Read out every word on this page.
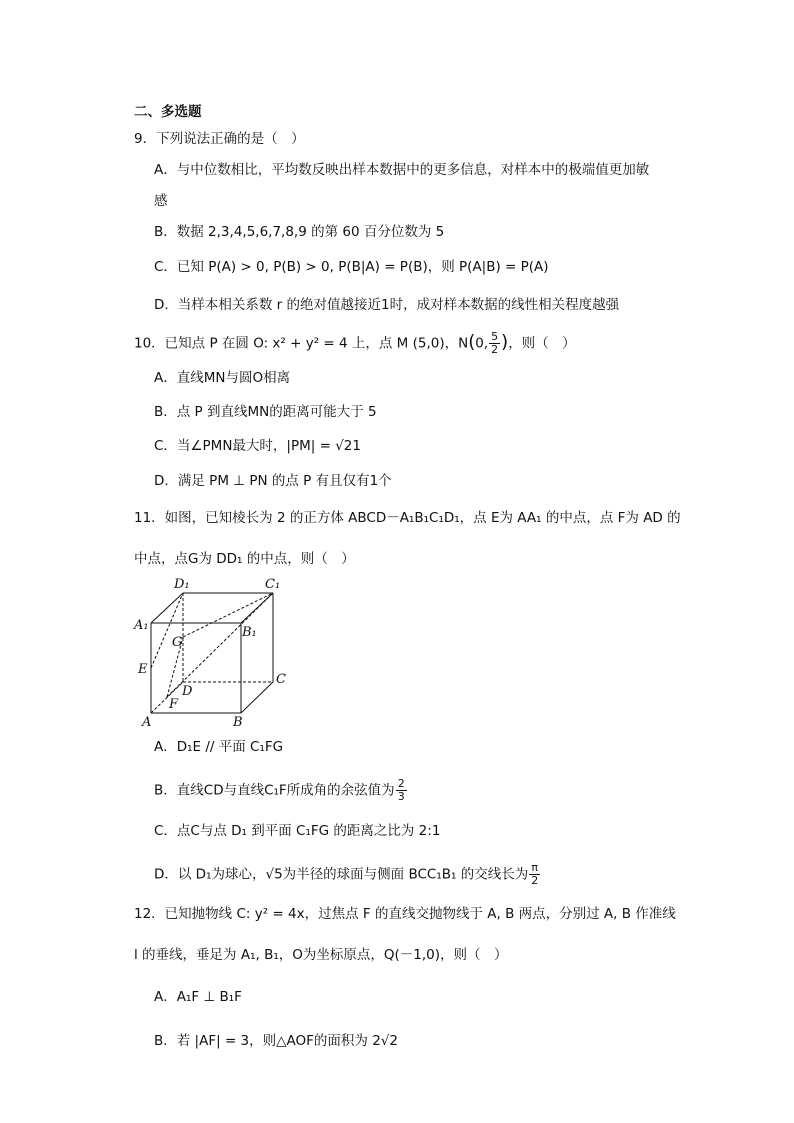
二、多选题
9．下列说法正确的是（　）
A．与中位数相比，平均数反映出样本数据中的更多信息，对样本中的极端值更加敏
感
B．数据 2,3,4,5,6,7,8,9 的第 60 百分位数为 5
C．已知 P(A) > 0, P(B) > 0, P(B|A) = P(B)，则 P(A|B) = P(A)
D．当样本相关系数 r 的绝对值越接近1时，成对样本数据的线性相关程度越强
10．已知点 P 在圆 O: x² + y² = 4 上，点 M (5,0)，N(0, $\frac{5}{2}$ )，则（　）
A．直线MN与圆O相离
B．点 P 到直线MN的距离可能大于 5
C．当∠PMN最大时，|PM| = √21
D．满足 PM ⊥ PN 的点 P 有且仅有1个
11．如图，已知棱长为 2 的正方体 ABCD－A₁B₁C₁D₁，点 E为 AA₁ 的中点，点 F为 AD 的
中点，点G为 DD₁ 的中点，则（　）
D₁	C₁
A₁	B₁
G
E
D
C
F
A	B
A．D₁E // 平面 C₁FG
B．直线CD与直线C₁F所成角的余弦值为 $\frac{2}{3}$
C．点C与点 D₁ 到平面 C₁FG 的距离之比为 2:1
D．以 D₁为球心，√5为半径的球面与侧面 BCC₁B₁ 的交线长为 $\frac{\pi}{2}$
12．已知抛物线 C: y² = 4x，过焦点 F 的直线交抛物线于 A, B 两点，分别过 A, B 作准线
l 的垂线，垂足为 A₁, B₁，O为坐标原点，Q(－1,0)，则（　）
A．A₁F ⊥ B₁F
B．若 |AF| = 3，则△AOF的面积为 2√2
